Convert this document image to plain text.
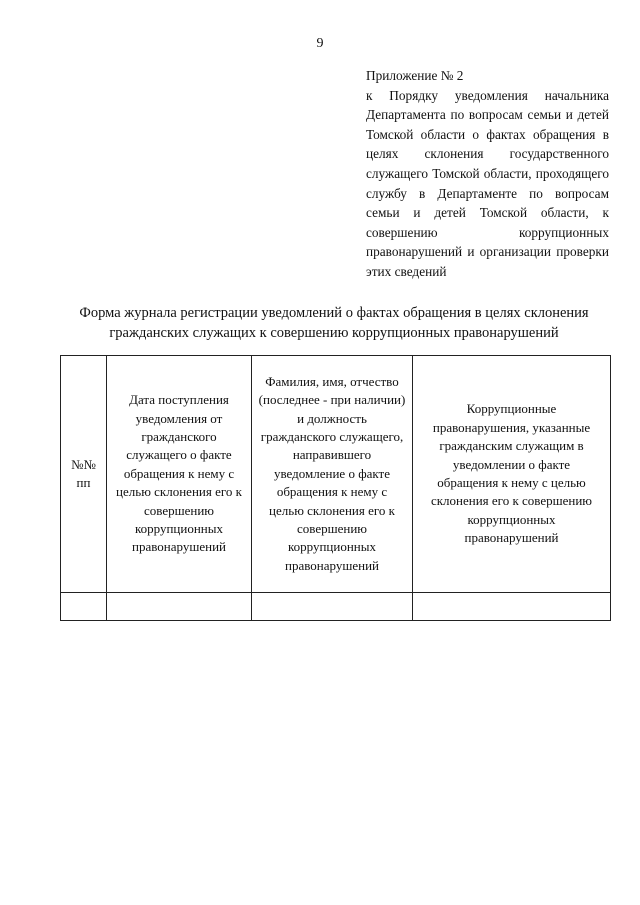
9
Приложение № 2
к Порядку уведомления начальника Департамента по вопросам семьи и детей Томской области о фактах обращения в целях склонения государственного служащего Томской области, проходящего службу в Департаменте по вопросам семьи и детей Томской области, к совершению коррупционных правонарушений и организации проверки этих сведений
Форма журнала регистрации уведомлений о фактах обращения в целях склонения
гражданских служащих к совершению коррупционных правонарушений
№№
пп	Дата поступления уведомления от гражданского служащего о факте обращения к нему с целью склонения его к совершению коррупционных правонарушений	Фамилия, имя, отчество (последнее - при наличии) и должность гражданского служащего, направившего уведомление о факте обращения к нему с целью склонения его к совершению коррупционных правонарушений	Коррупционные правонарушения, указанные гражданским служащим в уведомлении о факте обращения к нему с целью склонения его к совершению коррупционных правонарушений
